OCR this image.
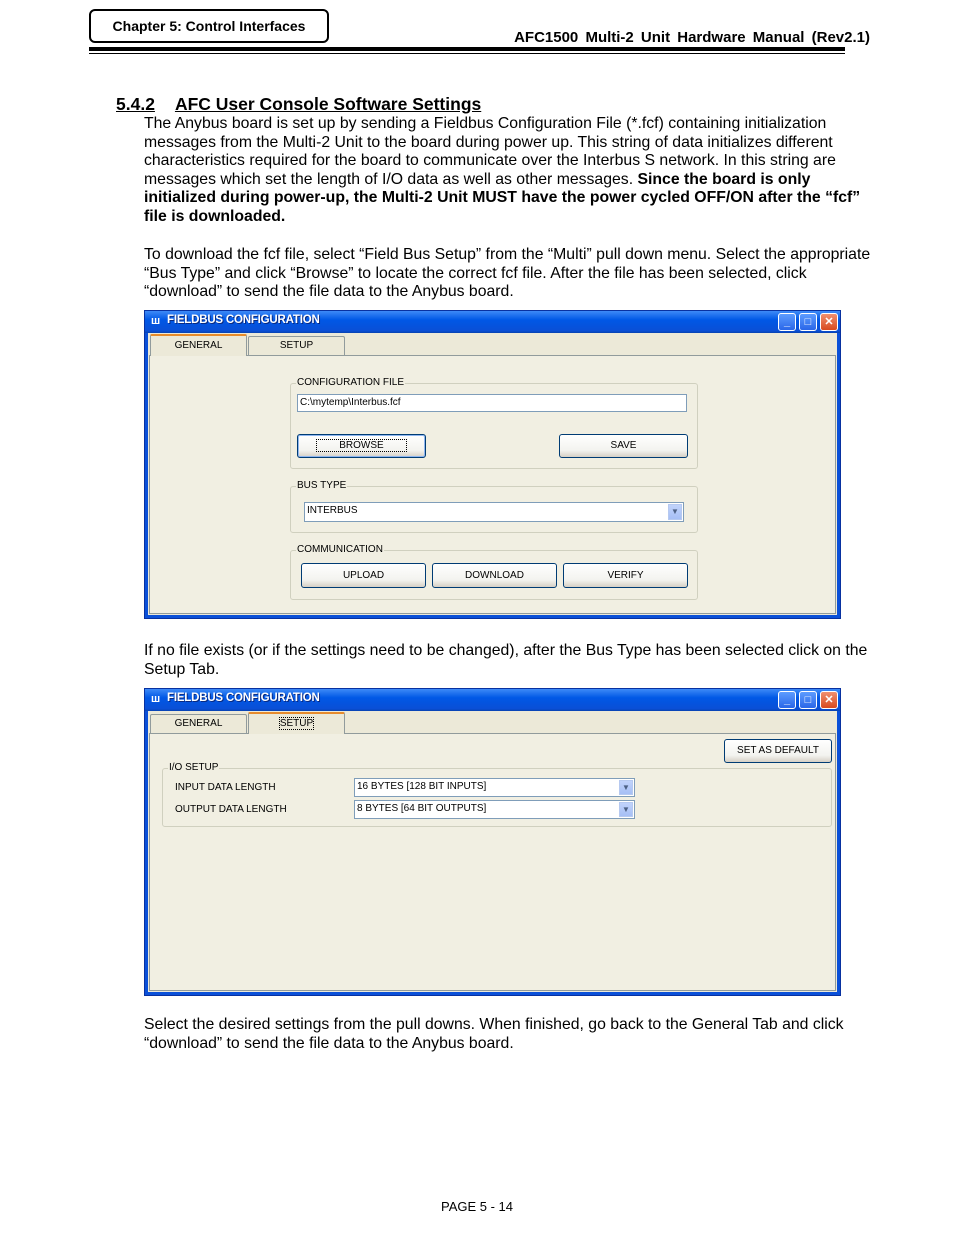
Chapter 5: Control Interfaces
AFC1500 Multi-2 Unit Hardware Manual (Rev2.1)
5.4.2 AFC User Console Software Settings
The Anybus board is set up by sending a Fieldbus Configuration File (*.fcf) containing initialization messages from the Multi-2 Unit to the board during power up. This string of data initializes different characteristics required for the board to communicate over the Interbus S network. In this string are messages which set the length of I/O data as well as other messages. Since the board is only initialized during power-up, the Multi-2 Unit MUST have the power cycled OFF/ON after the “fcf” file is downloaded.
To download the fcf file, select “Field Bus Setup” from the “Multi” pull down menu. Select the appropriate “Bus Type” and click “Browse” to locate the correct fcf file. After the file has been selected, click “download” to send the file data to the Anybus board.
ш FIELDBUS CONFIGURATION	_	□	✕
GENERAL	SETUP
CONFIGURATION FILE
C:\mytemp\Interbus.fcf
BROWSE	SAVE
BUS TYPE
INTERBUS	▼
COMMUNICATION
UPLOAD	DOWNLOAD	VERIFY
If no file exists (or if the settings need to be changed), after the Bus Type has been selected click on the Setup Tab.
ш FIELDBUS CONFIGURATION	_	□	✕
GENERAL	SETUP
SET AS DEFAULT
I/O SETUP
INPUT DATA LENGTH	16 BYTES [128 BIT INPUTS]	▼
OUTPUT DATA LENGTH	8 BYTES [64 BIT OUTPUTS]	▼
Select the desired settings from the pull downs. When finished, go back to the General Tab and click “download” to send the file data to the Anybus board.
PAGE 5 - 14
